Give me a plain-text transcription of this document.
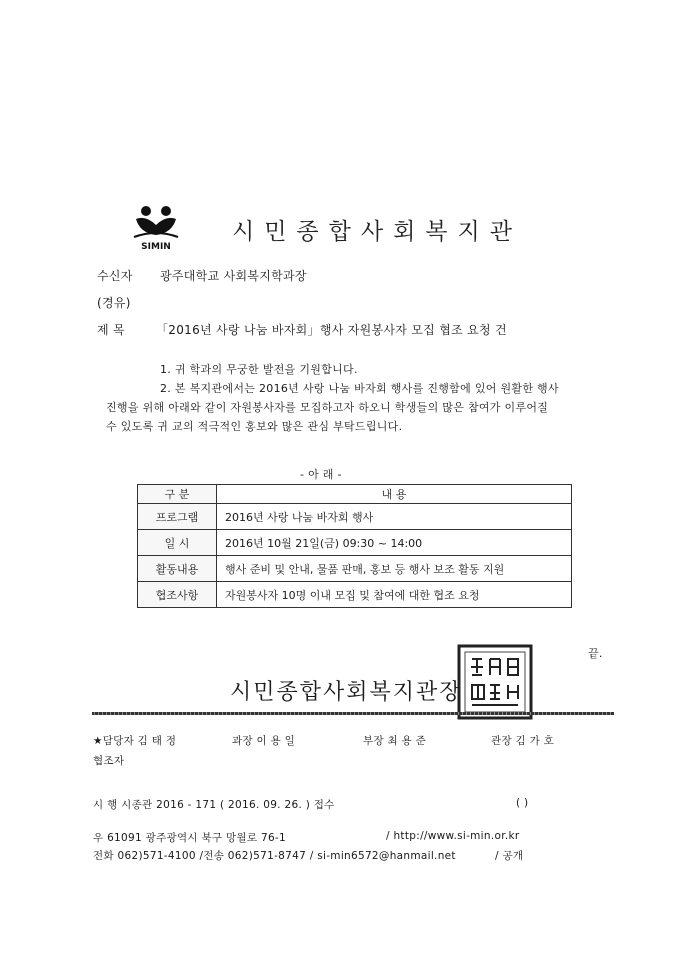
SIMIN
시민종합사회복지관
수신자 광주대학교 사회복지학과장
(경유)
제 목	「2016년 사랑 나눔 바자회」행사 자원봉사자 모집 협조 요청 건
1. 귀 학과의 무궁한 발전을 기원합니다.
2. 본 복지관에서는 2016년 사랑 나눔 바자회 행사를 진행함에 있어 원활한 행사
진행을 위해 아래와 같이 자원봉사자를 모집하고자 하오니 학생들의 많은 참여가 이루어질
수 있도록 귀 교의 적극적인 홍보와 많은 관심 부탁드립니다.
- 아 래 -
구 분	내 용
프로그램	2016년 사랑 나눔 바자회 행사
일 시	2016년 10월 21일(금) 09:30 ~ 14:00
활동내용	행사 준비 및 안내, 물품 판매, 홍보 등 행사 보조 활동 지원
협조사항	자원봉사자 10명 이내 모집 및 참여에 대한 협조 요청
끝.
시민종합사회복지관장
★담당자 김 태 정	과장 이 용 일	부장 최 용 준	관장 김 가 호
협조자
시 행 시종관 2016 - 171 ( 2016. 09. 26. ) 접수	( )
우 61091 광주광역시 북구 망월로 76-1	/ http://www.si-min.or.kr
전화 062)571-4100 /전송 062)571-8747 / si-min6572@hanmail.net	/ 공개
